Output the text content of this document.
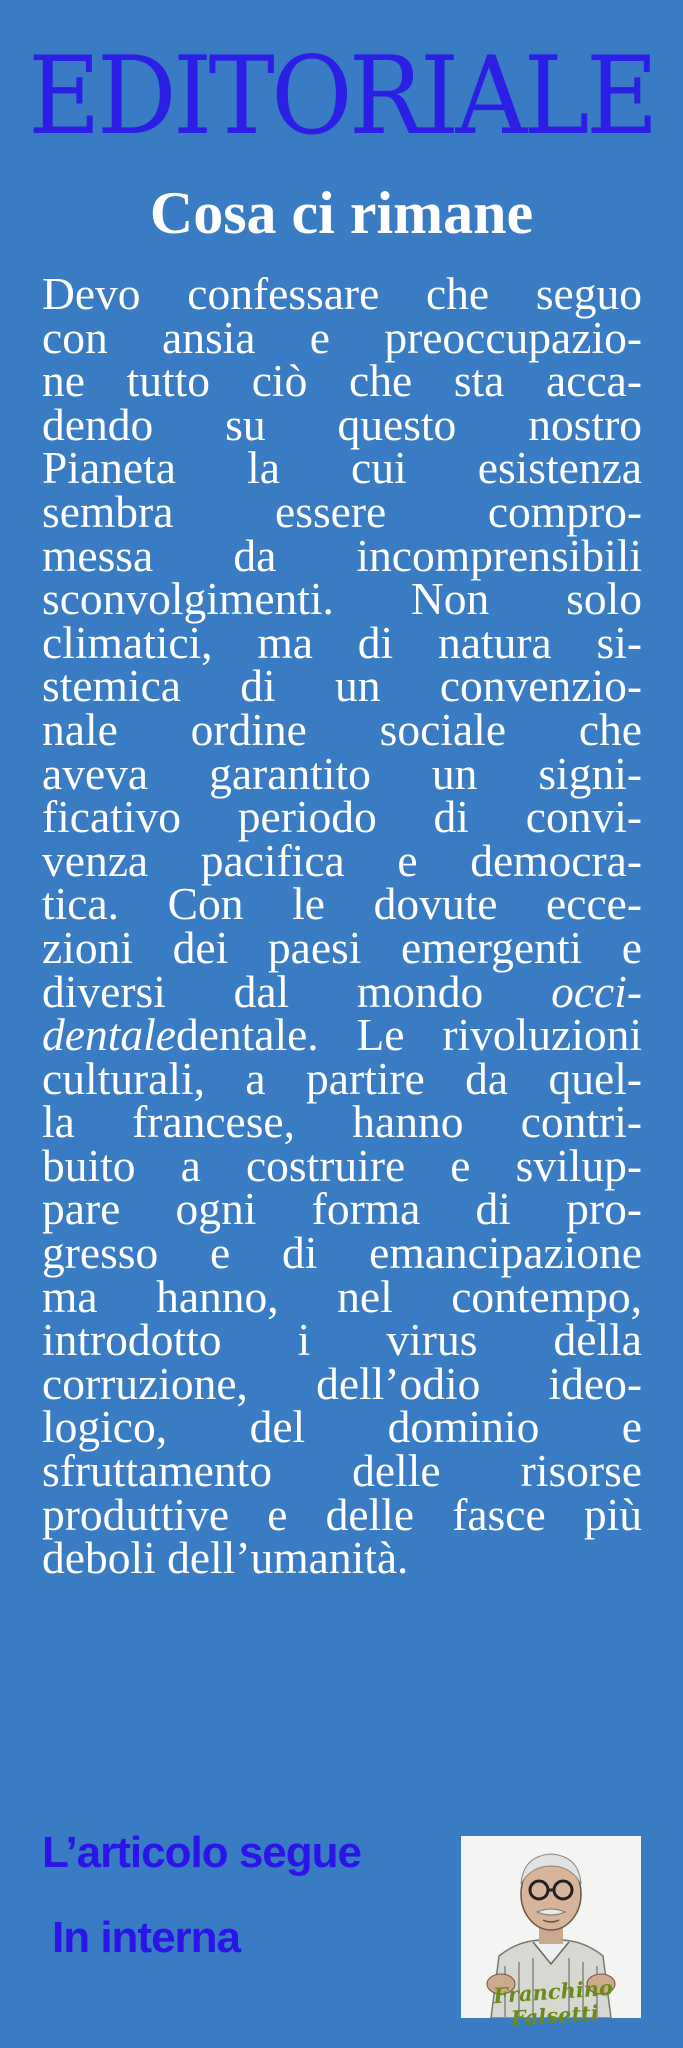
EDITORIALE
Cosa ci rimane
Devo confessare che seguo
con ansia e preoccupazio-
ne tutto ciò che sta acca-
dendo su questo nostro
Pianeta la cui esistenza
sembra essere compro-
messa da incomprensibili
sconvolgimenti. Non solo
climatici, ma di natura si-
stemica di un convenzio-
nale ordine sociale che
aveva garantito un signi-
ficativo periodo di convi-
venza pacifica e democra-
tica. Con le dovute ecce-
zioni dei paesi emergenti e
diversi dal mondo occi-
dentaledentale. Le rivoluzioni
culturali, a partire da quel-
la francese, hanno contri-
buito a costruire e svilup-
pare ogni forma di pro-
gresso e di emancipazione
ma hanno, nel contempo,
introdotto i virus della
corruzione, dell’odio ideo-
logico, del dominio e
sfruttamento delle risorse
produttive e delle fasce più
deboli dell’umanità.
L’articolo segue
In interna
Franchino Falsetti
